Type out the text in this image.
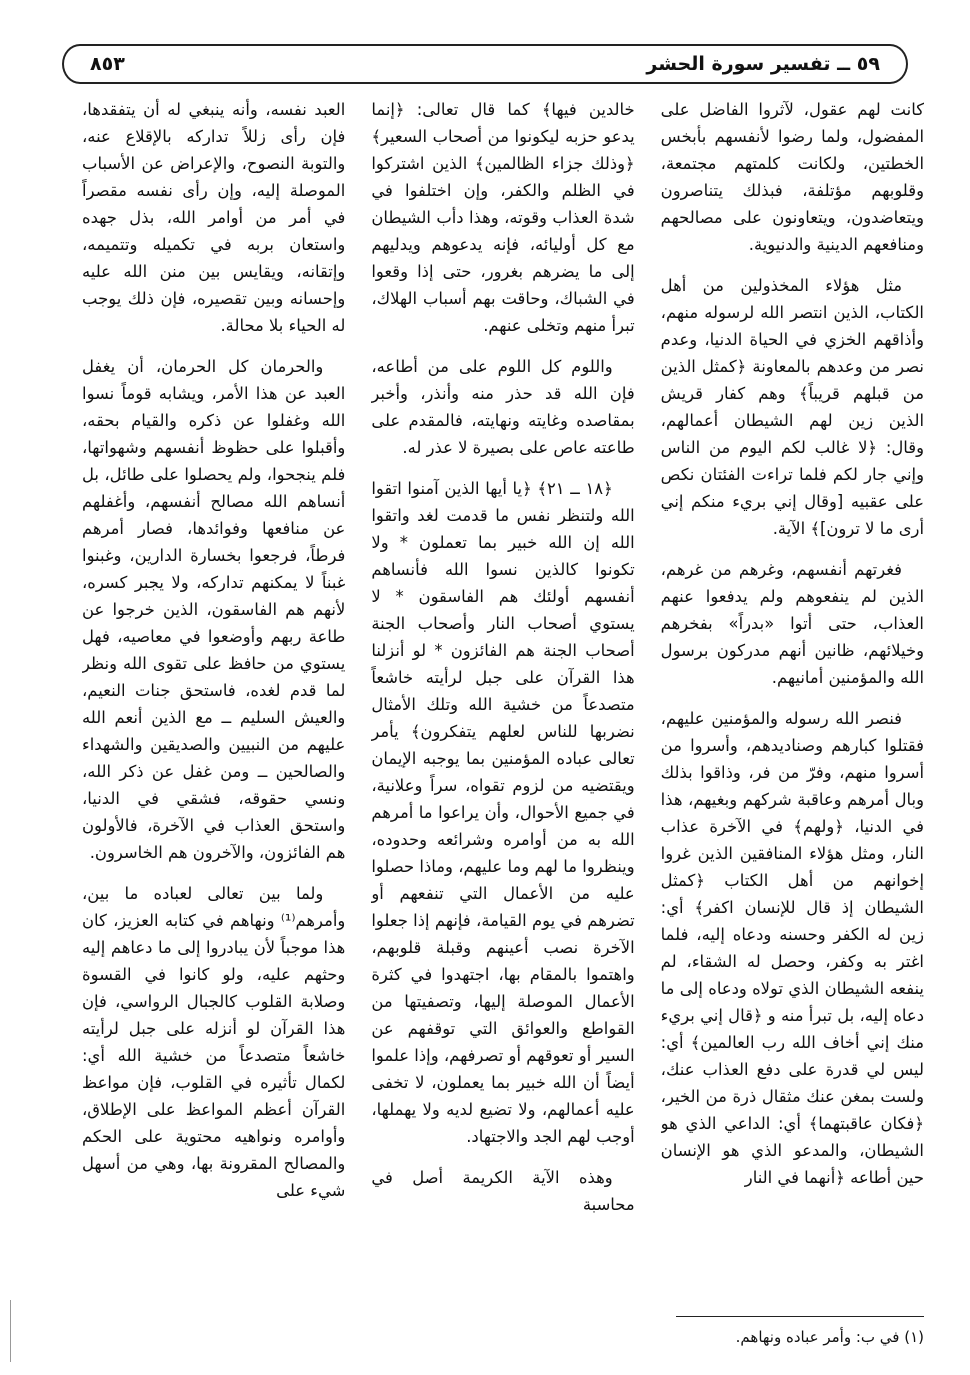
٥٩ ــ تفسير سورة الحشر
٨٥٣

كانت لهم عقول، لآثروا الفاضل على المفضول، ولما رضوا لأنفسهم بأبخس الخطتين، ولكانت كلمتهم مجتمعة، وقلوبهم مؤتلفة، فبذلك يتناصرون ويتعاضدون، ويتعاونون على مصالحهم ومنافعهم الدينية والدنيوية.

مثل هؤلاء المخذولين من أهل الكتاب، الذين انتصر الله لرسوله منهم، وأذاقهم الخزي في الحياة الدنيا، وعدم نصر من وعدهم بالمعاونة ﴿كمثل الذين من قبلهم قريباً﴾ وهم كفار قريش الذين زين لهم الشيطان أعمالهم، وقال: ﴿لا غالب لكم اليوم من الناس وإني جار لكم فلما تراءت الفئتان نكص على عقبيه [وقال إني بريء منكم إني أرى ما لا ترون]﴾ الآية.

فغرتهم أنفسهم، وغرهم من غرهم، الذين لم ينفعوهم ولم يدفعوا عنهم العذاب، حتى أتوا «بدراً» بفخرهم وخيلائهم، ظانين أنهم مدركون برسول الله والمؤمنين أمانيهم.

فنصر الله رسوله والمؤمنين عليهم، فقتلوا كبارهم وصناديدهم، وأسروا من أسروا منهم، وفرّ من فر، وذاقوا بذلك وبال أمرهم وعاقبة شركهم وبغيهم، هذا في الدنيا، ﴿ولهم﴾ في الآخرة عذاب النار، ومثل هؤلاء المنافقين الذين غروا إخوانهم من أهل الكتاب ﴿كمثل الشيطان إذ قال للإنسان اكفر﴾ أي: زين له الكفر وحسنه ودعاه إليه، فلما اغتر به وكفر، وحصل له الشقاء، لم ينفعه الشيطان الذي تولاه ودعاه إلى ما دعاه إليه، بل تبرأ منه و ﴿قال إني بريء منك إني أخاف الله رب العالمين﴾ أي: ليس لي قدرة على دفع العذاب عنك، ولست بمغن عنك مثقال ذرة من الخير، ﴿فكان عاقبتهما﴾ أي: الداعي الذي هو الشيطان، والمدعو الذي هو الإنسان حين أطاعه ﴿أنهما في النار

خالدين فيها﴾ كما قال تعالى: ﴿إنما يدعو حزبه ليكونوا من أصحاب السعير﴾ ﴿وذلك جزاء الظالمين﴾ الذين اشتركوا في الظلم والكفر، وإن اختلفوا في شدة العذاب وقوته، وهذا دأب الشيطان مع كل أوليائه، فإنه يدعوهم ويدليهم إلى ما يضرهم بغرور، حتى إذا وقعوا في الشباك، وحاقت بهم أسباب الهلاك، تبرأ منهم وتخلى عنهم.

واللوم كل اللوم على من أطاعه، فإن الله قد حذر منه وأنذر، وأخبر بمقاصده وغايته ونهايته، فالمقدم على طاعته عاص على بصيرة لا عذر له.

﴿١٨ ــ ٢١﴾ ﴿يا أيها الذين آمنوا اتقوا الله ولتنظر نفس ما قدمت لغد واتقوا الله إن الله خبير بما تعملون * ولا تكونوا كالذين نسوا الله فأنساهم أنفسهم أولئك هم الفاسقون * لا يستوي أصحاب النار وأصحاب الجنة أصحاب الجنة هم الفائزون * لو أنزلنا هذا القرآن على جبل لرأيته خاشعاً متصدعاً من خشية الله وتلك الأمثال نضربها للناس لعلهم يتفكرون﴾ يأمر تعالى عباده المؤمنين بما يوجبه الإيمان ويقتضيه من لزوم تقواه، سراً وعلانية، في جميع الأحوال، وأن يراعوا ما أمرهم الله به من أوامره وشرائعه وحدوده، وينظروا ما لهم وما عليهم، وماذا حصلوا عليه من الأعمال التي تنفعهم أو تضرهم في يوم القيامة، فإنهم إذا جعلوا الآخرة نصب أعينهم وقبلة قلوبهم، واهتموا بالمقام بها، اجتهدوا في كثرة الأعمال الموصلة إليها، وتصفيتها من القواطع والعوائق التي توقفهم عن السير أو تعوقهم أو تصرفهم، وإذا علموا أيضاً أن الله خبير بما يعملون، لا تخفى عليه أعمالهم، ولا تضيع لديه ولا يهملها، أوجب لهم الجد والاجتهاد.

وهذه الآية الكريمة أصل في محاسبة

العبد نفسه، وأنه ينبغي له أن يتفقدها، فإن رأى زللاً تداركه بالإقلاع عنه، والتوبة النصوح، والإعراض عن الأسباب الموصلة إليه، وإن رأى نفسه مقصراً في أمر من أوامر الله، بذل جهده واستعان بربه في تكميله وتتميمه، وإتقانه، ويقايس بين منن الله عليه وإحسانه وبين تقصيره، فإن ذلك يوجب له الحياء بلا محالة.

والحرمان كل الحرمان، أن يغفل العبد عن هذا الأمر، ويشابه قوماً نسوا الله وغفلوا عن ذكره والقيام بحقه، وأقبلوا على حظوظ أنفسهم وشهواتها، فلم ينجحوا، ولم يحصلوا على طائل، بل أنساهم الله مصالح أنفسهم، وأغفلهم عن منافعها وفوائدها، فصار أمرهم فرطاً، فرجعوا بخسارة الدارين، وغبنوا غبناً لا يمكنهم تداركه، ولا يجبر كسره، لأنهم هم الفاسقون، الذين خرجوا عن طاعة ربهم وأوضعوا في معاصيه، فهل يستوي من حافظ على تقوى الله ونظر لما قدم لغده، فاستحق جنات النعيم، والعيش السليم ــ مع الذين أنعم الله عليهم من النبيين والصديقين والشهداء والصالحين ــ ومن غفل عن ذكر الله، ونسي حقوقه، فشقي في الدنيا، واستحق العذاب في الآخرة، فالأولون هم الفائزون، والآخرون هم الخاسرون.

ولما بين تعالى لعباده ما بين، وأمرهم⁽¹⁾ ونهاهم في كتابه العزيز، كان هذا موجباً لأن يبادروا إلى ما دعاهم إليه وحثهم عليه، ولو كانوا في القسوة وصلابة القلوب كالجبال الرواسي، فإن هذا القرآن لو أنزله على جبل لرأيته خاشعاً متصدعاً من خشية الله أي: لكمال تأثيره في القلوب، فإن مواعظ القرآن أعظم المواعظ على الإطلاق، وأوامره ونواهيه محتوية على الحكم والمصالح المقرونة بها، وهي من أسهل شيء على

(١) في ب: وأمر عباده ونهاهم.
